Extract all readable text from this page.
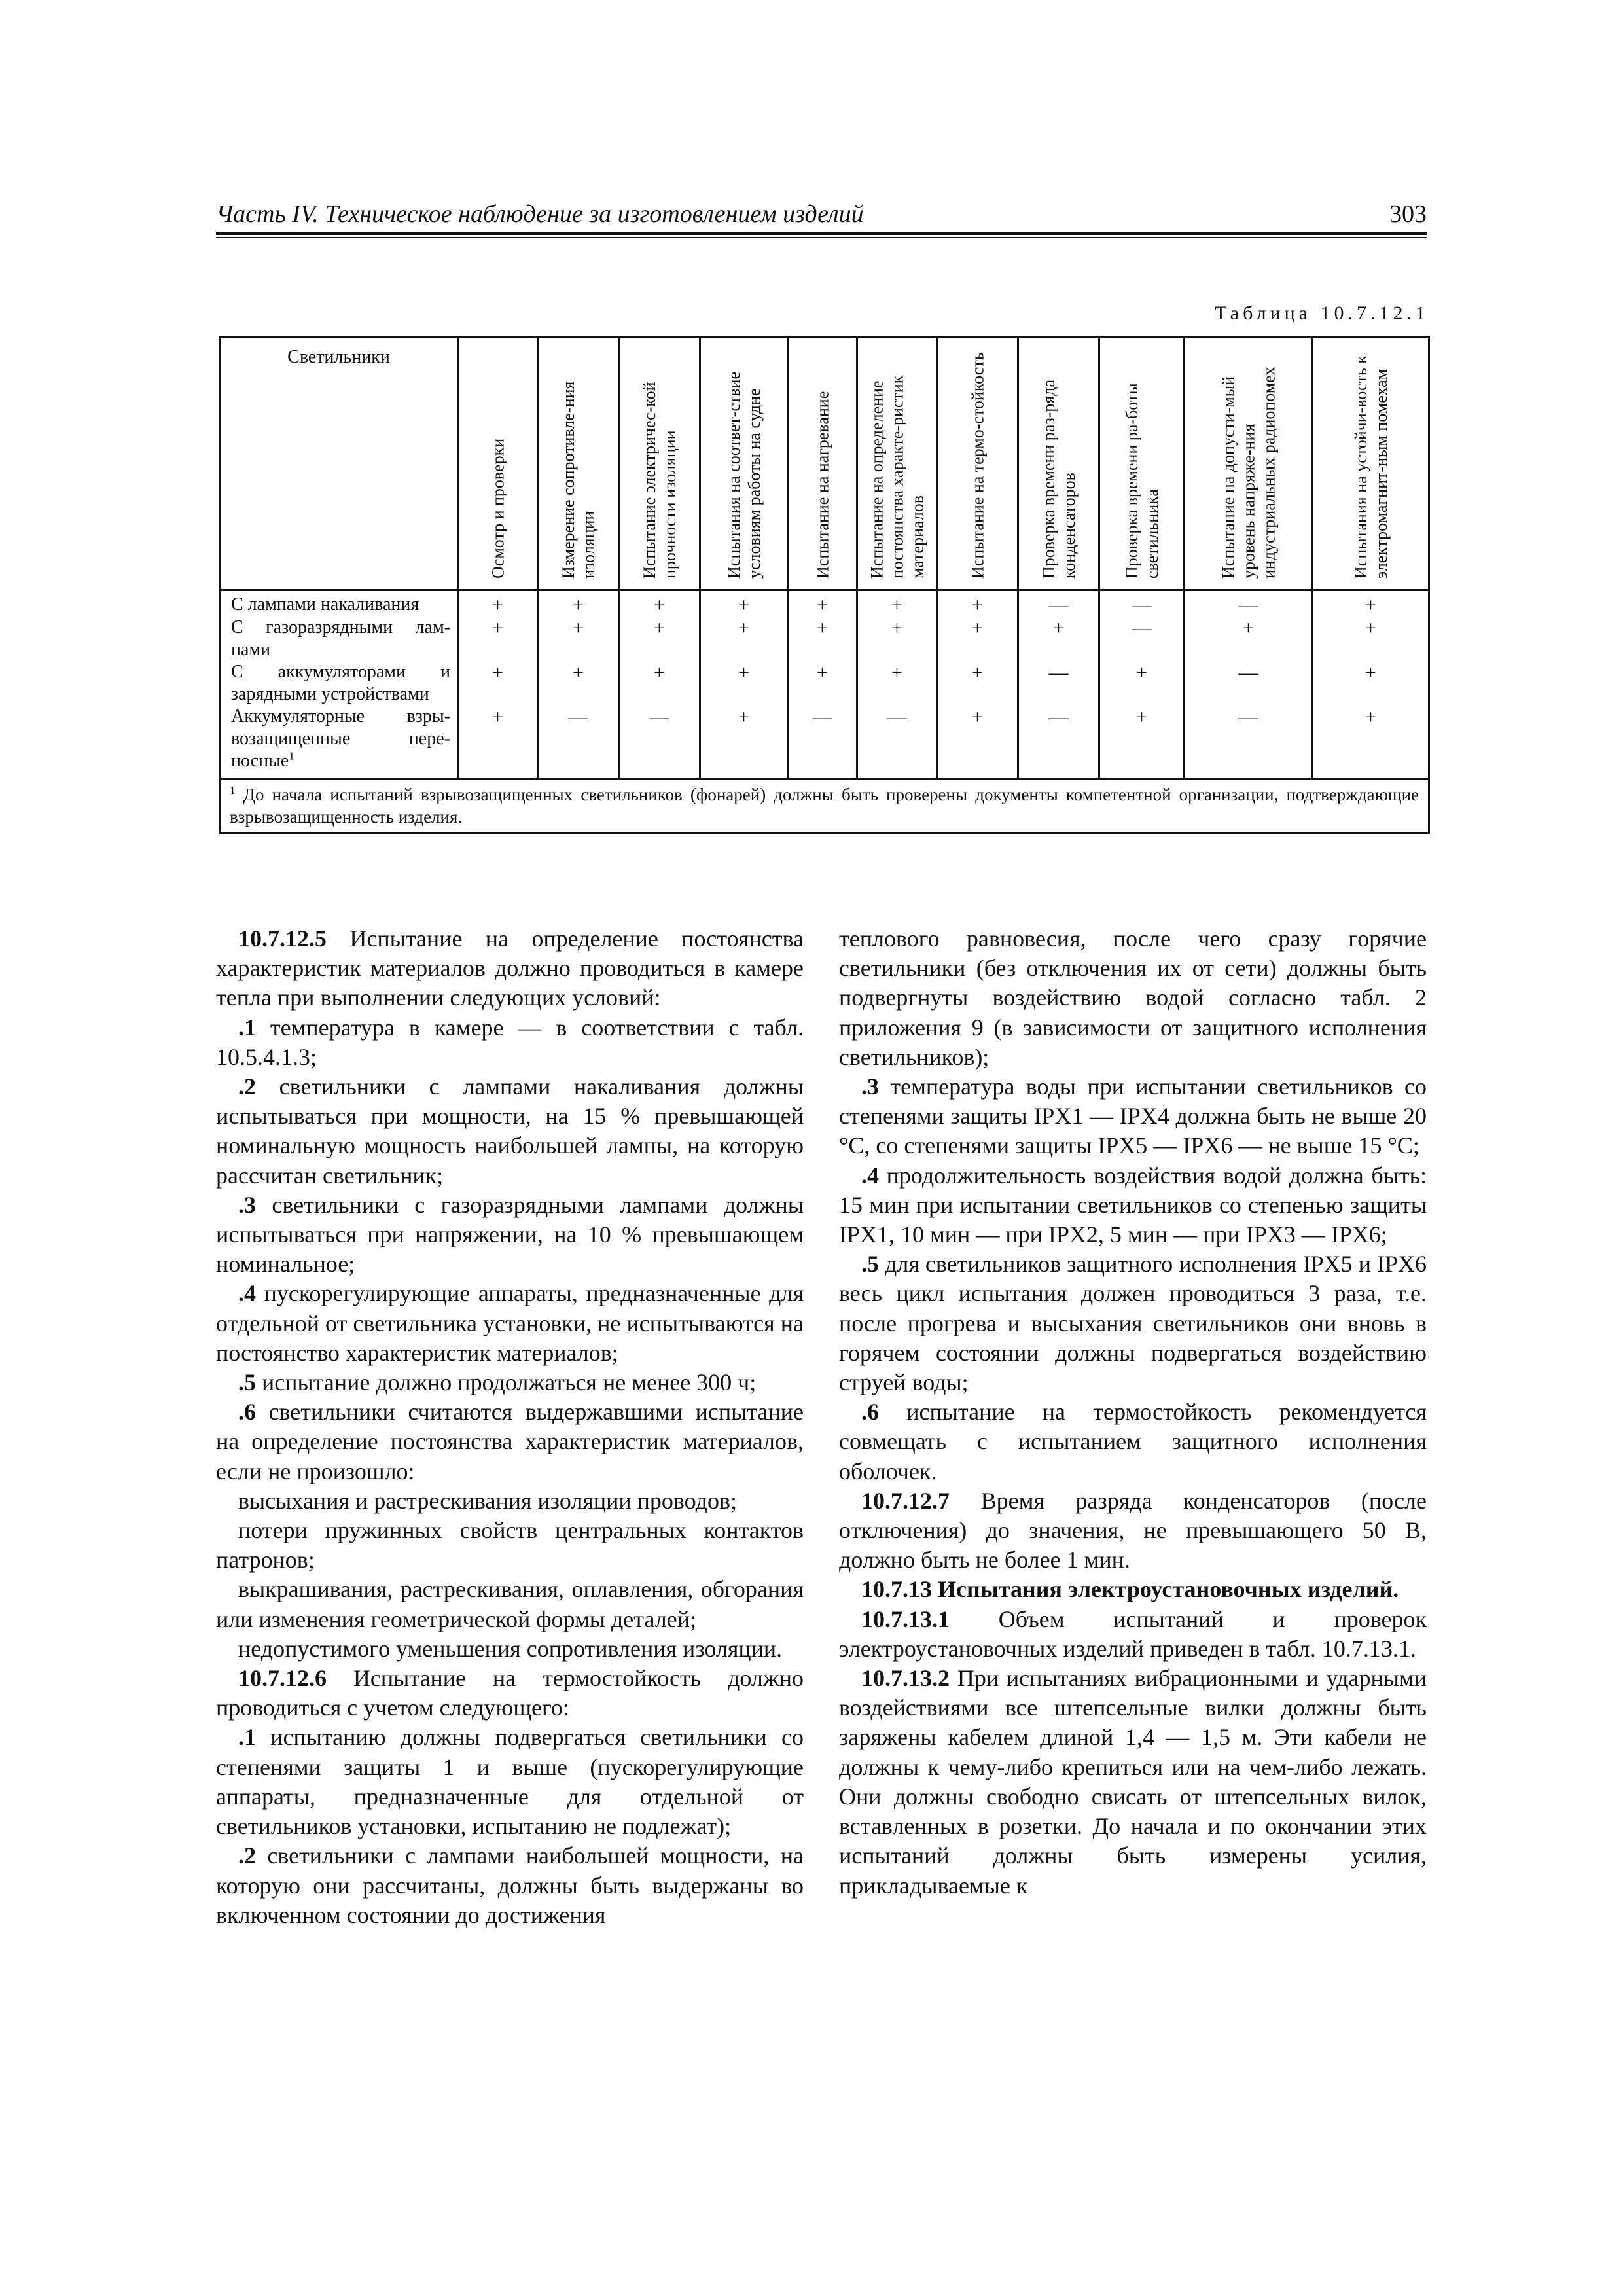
Часть IV. Техническое наблюдение за изготовлением изделий	303
Таблица 10.7.12.1
Светильники	Осмотр и проверки	Измерение сопротивле-ния изоляции	Испытание электричес-кой прочности изоляции	Испытания на соответ-ствие условиям работы на судне	Испытание на нагревание	Испытание на определение постоянства характе-ристик материалов	Испытание на термо-стойкость	Проверка времени раз-ряда конденсаторов	Проверка времени ра-боты светильника	Испытание на допусти-мый уровень напряже-ния индустриальных радиопомех	Испытания на устойчи-вость к электромагнит-ным помехам

С лампами накаливания	+	+	+	+	+	+	+	—	—	—	+
С газоразрядными лам-пами	+	+	+	+	+	+	+	+	—	+	+
С аккумуляторами и зарядными устройствами	+	+	+	+	+	+	+	—	+	—	+
Аккумуляторные взры-возащищенные пере-носные$^1$	+	—	—	+	—	—	+	—	+	—	+
$^1$ До начала испытаний взрывозащищенных светильников (фонарей) должны быть проверены документы компетентной организации, подтверждающие взрывозащищенность изделия.											

10.7.12.5 Испытание на определение постоянства характеристик материалов должно проводиться в камере тепла при выполнении следующих условий:

.1 температура в камере — в соответствии с табл. 10.5.4.1.3;

.2 светильники с лампами накаливания должны испытываться при мощности, на 15 % превышающей номинальную мощность наибольшей лампы, на которую рассчитан светильник;

.3 светильники с газоразрядными лампами должны испытываться при напряжении, на 10 % превышающем номинальное;

.4 пускорегулирующие аппараты, предназначенные для отдельной от светильника установки, не испытываются на постоянство характеристик материалов;

.5 испытание должно продолжаться не менее 300 ч;

.6 светильники считаются выдержавшими испытание на определение постоянства характеристик материалов, если не произошло:

высыхания и растрескивания изоляции проводов;

потери пружинных свойств центральных контактов патронов;

выкрашивания, растрескивания, оплавления, обгорания или изменения геометрической формы деталей;

недопустимого уменьшения сопротивления изоляции.

10.7.12.6 Испытание на термостойкость должно проводиться с учетом следующего:

.1 испытанию должны подвергаться светильники со степенями защиты 1 и выше (пускорегулирующие аппараты, предназначенные для отдельной от светильников установки, испытанию не подлежат);

.2 светильники с лампами наибольшей мощности, на которую они рассчитаны, должны быть выдержаны во включенном состоянии до достижения

теплового равновесия, после чего сразу горячие светильники (без отключения их от сети) должны быть подвергнуты воздействию водой согласно табл. 2 приложения 9 (в зависимости от защитного исполнения светильников);

.3 температура воды при испытании светильников со степенями защиты IPX1 — IPX4 должна быть не выше 20 °С, со степенями защиты IPX5 — IPX6 — не выше 15 °С;

.4 продолжительность воздействия водой должна быть: 15 мин при испытании светильников со степенью защиты IPX1, 10 мин — при IPX2, 5 мин — при IPX3 — IPX6;

.5 для светильников защитного исполнения IPX5 и IPX6 весь цикл испытания должен проводиться 3 раза, т.е. после прогрева и высыхания светильников они вновь в горячем состоянии должны подвергаться воздействию струей воды;

.6 испытание на термостойкость рекомендуется совмещать с испытанием защитного исполнения оболочек.

10.7.12.7 Время разряда конденсаторов (после отключения) до значения, не превышающего 50 В, должно быть не более 1 мин.

10.7.13 Испытания электроустановочных изделий.

10.7.13.1 Объем испытаний и проверок электроустановочных изделий приведен в табл. 10.7.13.1.

10.7.13.2 При испытаниях вибрационными и ударными воздействиями все штепсельные вилки должны быть заряжены кабелем длиной 1,4 — 1,5 м. Эти кабели не должны к чему-либо крепиться или на чем-либо лежать. Они должны свободно свисать от штепсельных вилок, вставленных в розетки. До начала и по окончании этих испытаний должны быть измерены усилия, прикладываемые к
